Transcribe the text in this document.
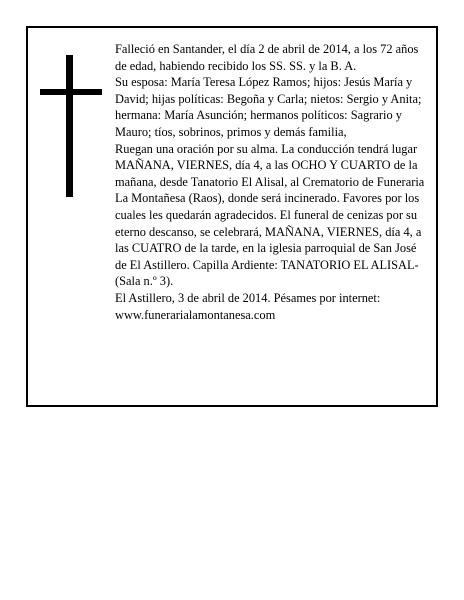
Falleció en Santander, el día 2 de abril de 2014, a los 72 años de edad, habiendo recibido los SS. SS. y la B. A.

Su esposa: María Teresa López Ramos; hijos: Jesús María y David; hijas políticas: Begoña y Carla; nietos: Sergio y Anita; hermana: María Asunción; hermanos políticos: Sagrario y Mauro; tíos, sobrinos, primos y demás familia,

Ruegan una oración por su alma. La conducción tendrá lugar MAÑANA, VIERNES, día 4, a las OCHO Y CUARTO de la mañana, desde Tanatorio El Alisal, al Crematorio de Funeraria La Montañesa (Raos), donde será incinerado. Favores por los cuales les quedarán agradecidos. El funeral de cenizas por su eterno descanso, se celebrará, MAÑANA, VIERNES, día 4, a las CUATRO de la tarde, en la iglesia parroquial de San José de El Astillero. Capilla Ardiente: TANATORIO EL ALISAL-(Sala n.º 3).

El Astillero, 3 de abril de 2014. Pésames por internet: www.funerarialamontanesa.com
